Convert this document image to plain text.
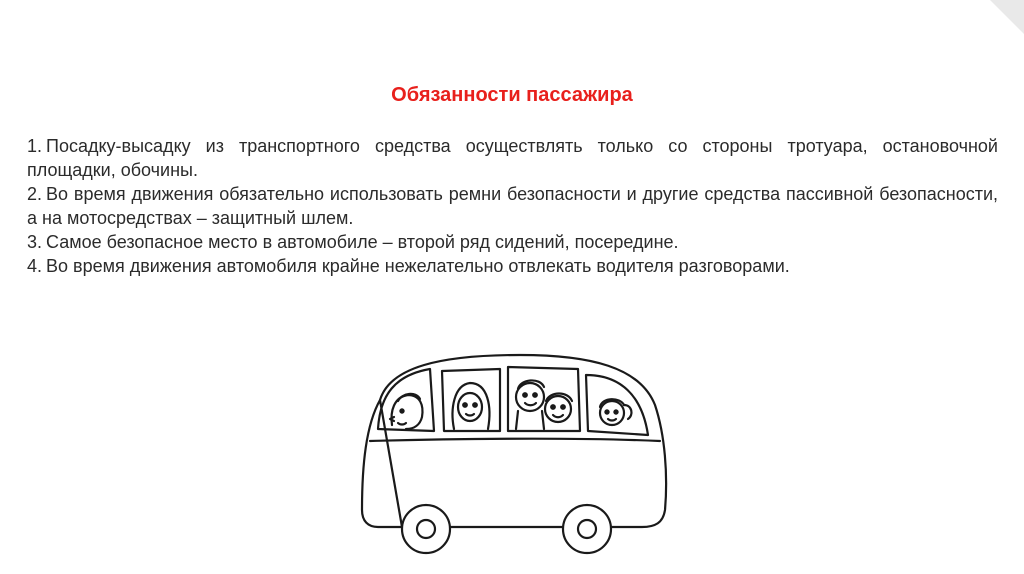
Обязанности пассажира

1. Посадку-высадку из транспортного средства осуществлять только со стороны тротуара, остановочной площадки, обочины.

2. Во время движения обязательно использовать ремни безопасности и другие средства пассивной безопасности, а на мотосредствах – защитный шлем.

3. Самое безопасное место в автомобиле – второй ряд сидений, посередине.

4. Во время движения автомобиля крайне нежелательно отвлекать водителя разговорами.
